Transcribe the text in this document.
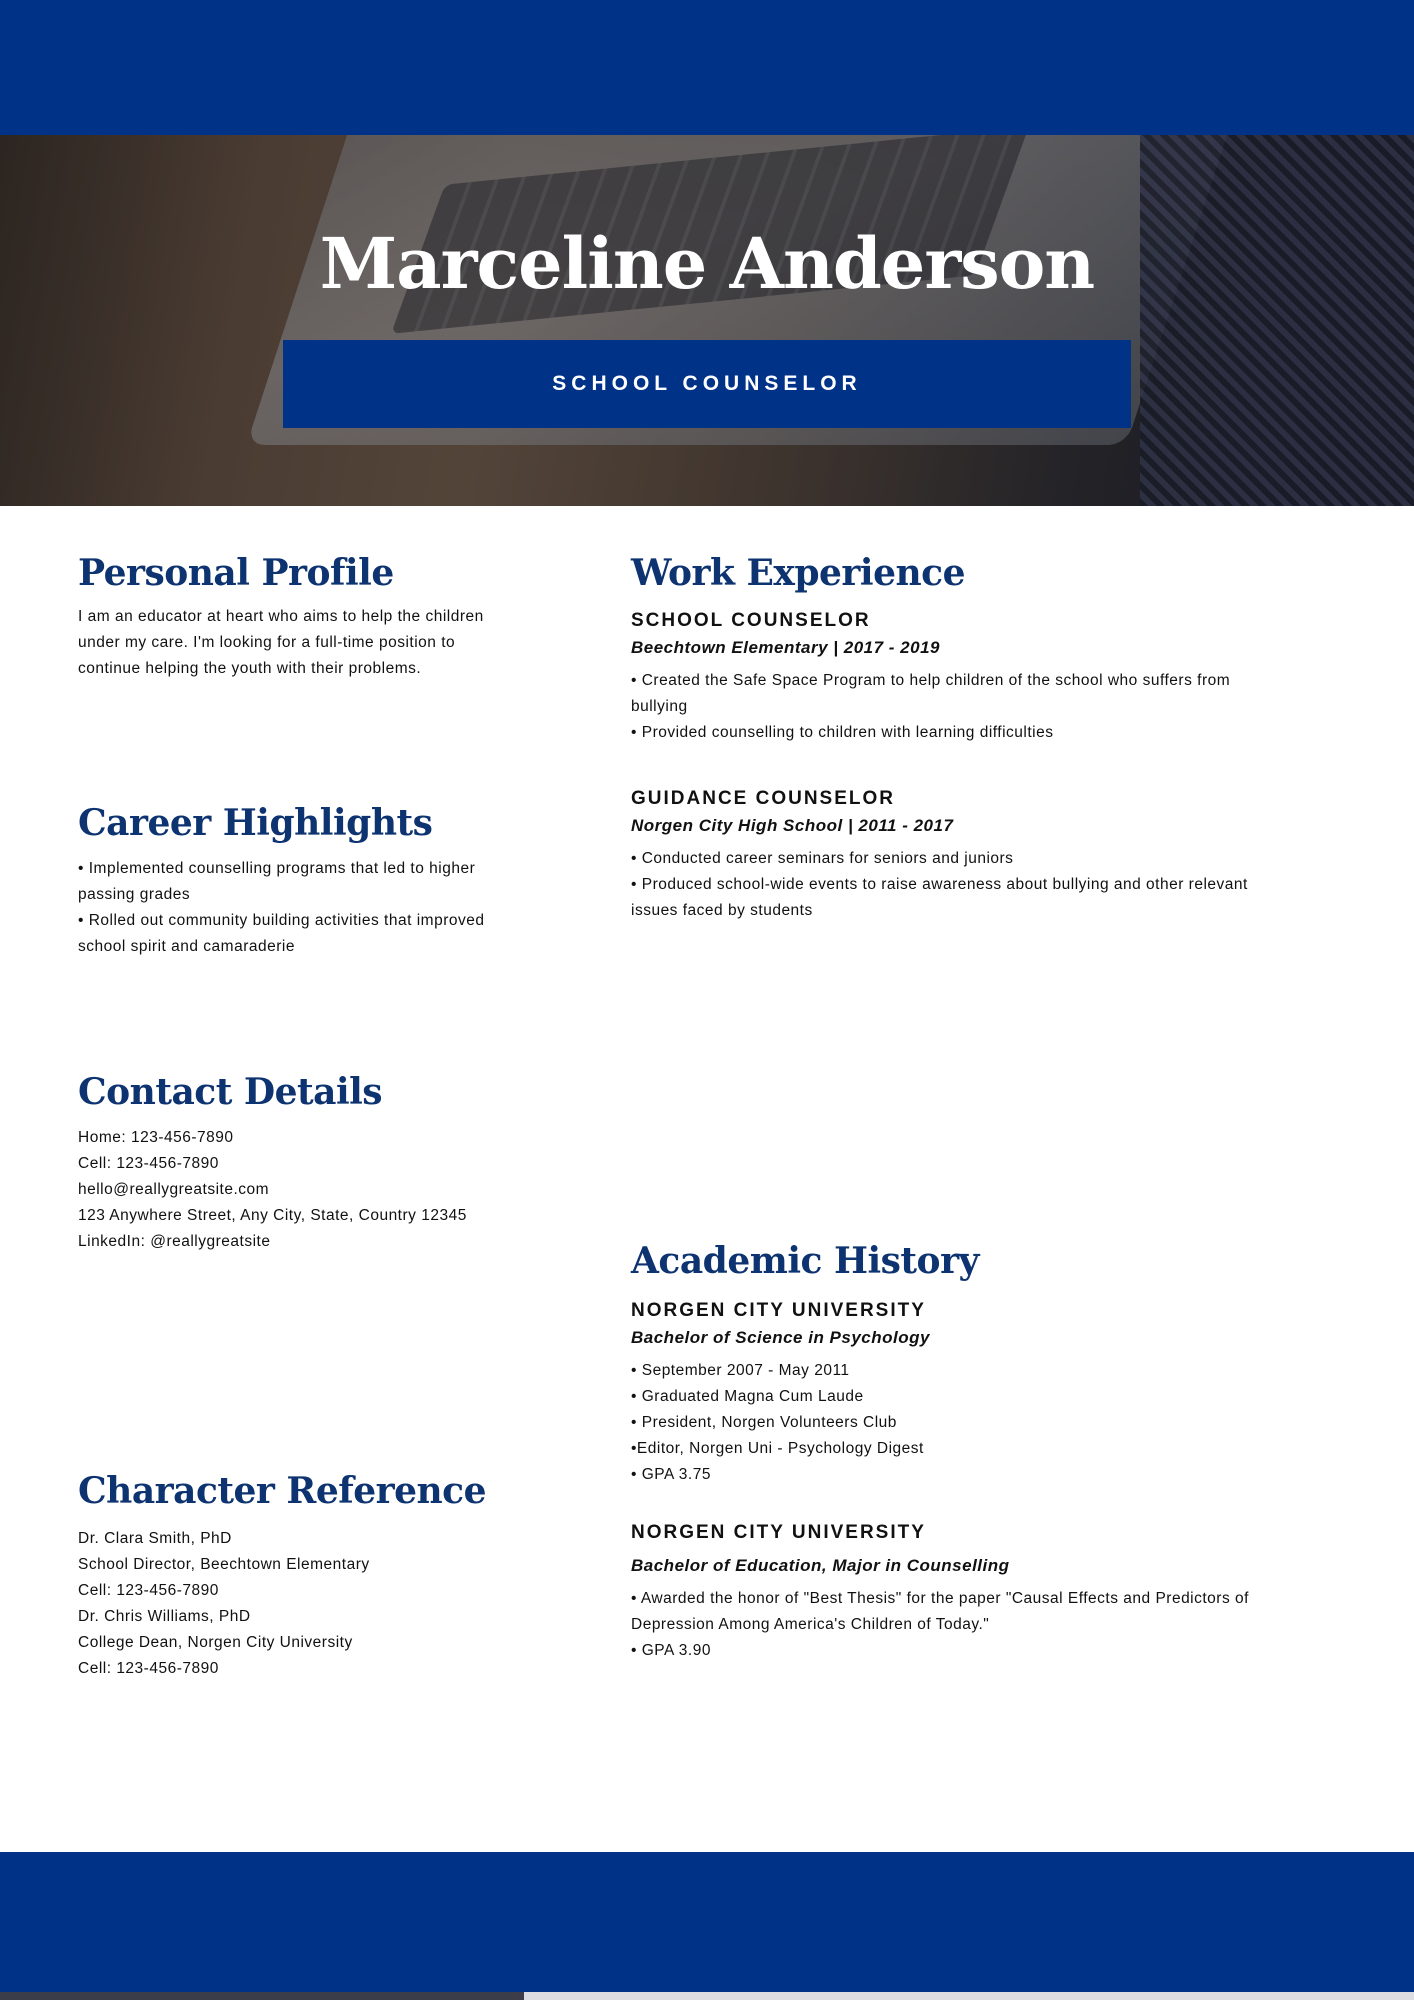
Marceline Anderson
SCHOOL COUNSELOR
Personal Profile

I am an educator at heart who aims to help the children

under my care. I'm looking for a full-time position to

continue helping the youth with their problems.

Career Highlights

• Implemented counselling programs that led to higher

passing grades

• Rolled out community building activities that improved

school spirit and camaraderie

Contact Details

Home: 123-456-7890

Cell: 123-456-7890

hello@reallygreatsite.com

123 Anywhere Street, Any City, State, Country 12345

LinkedIn: @reallygreatsite

Character Reference

Dr. Clara Smith, PhD

School Director, Beechtown Elementary

Cell: 123-456-7890

Dr. Chris Williams, PhD

College Dean, Norgen City University

Cell: 123-456-7890

Work Experience

SCHOOL COUNSELOR

Beechtown Elementary | 2017 - 2019

• Created the Safe Space Program to help children of the school who suffers from

bullying

• Provided counselling to children with learning difficulties

GUIDANCE COUNSELOR

Norgen City High School | 2011 - 2017

• Conducted career seminars for seniors and juniors

• Produced school-wide events to raise awareness about bullying and other relevant

issues faced by students

Academic History

NORGEN CITY UNIVERSITY

Bachelor of Science in Psychology

• September 2007 - May 2011

• Graduated Magna Cum Laude

• President, Norgen Volunteers Club

•Editor, Norgen Uni - Psychology Digest

• GPA 3.75

NORGEN CITY UNIVERSITY

Bachelor of Education, Major in Counselling

• Awarded the honor of "Best Thesis" for the paper "Causal Effects and Predictors of

Depression Among America's Children of Today."

• GPA 3.90
